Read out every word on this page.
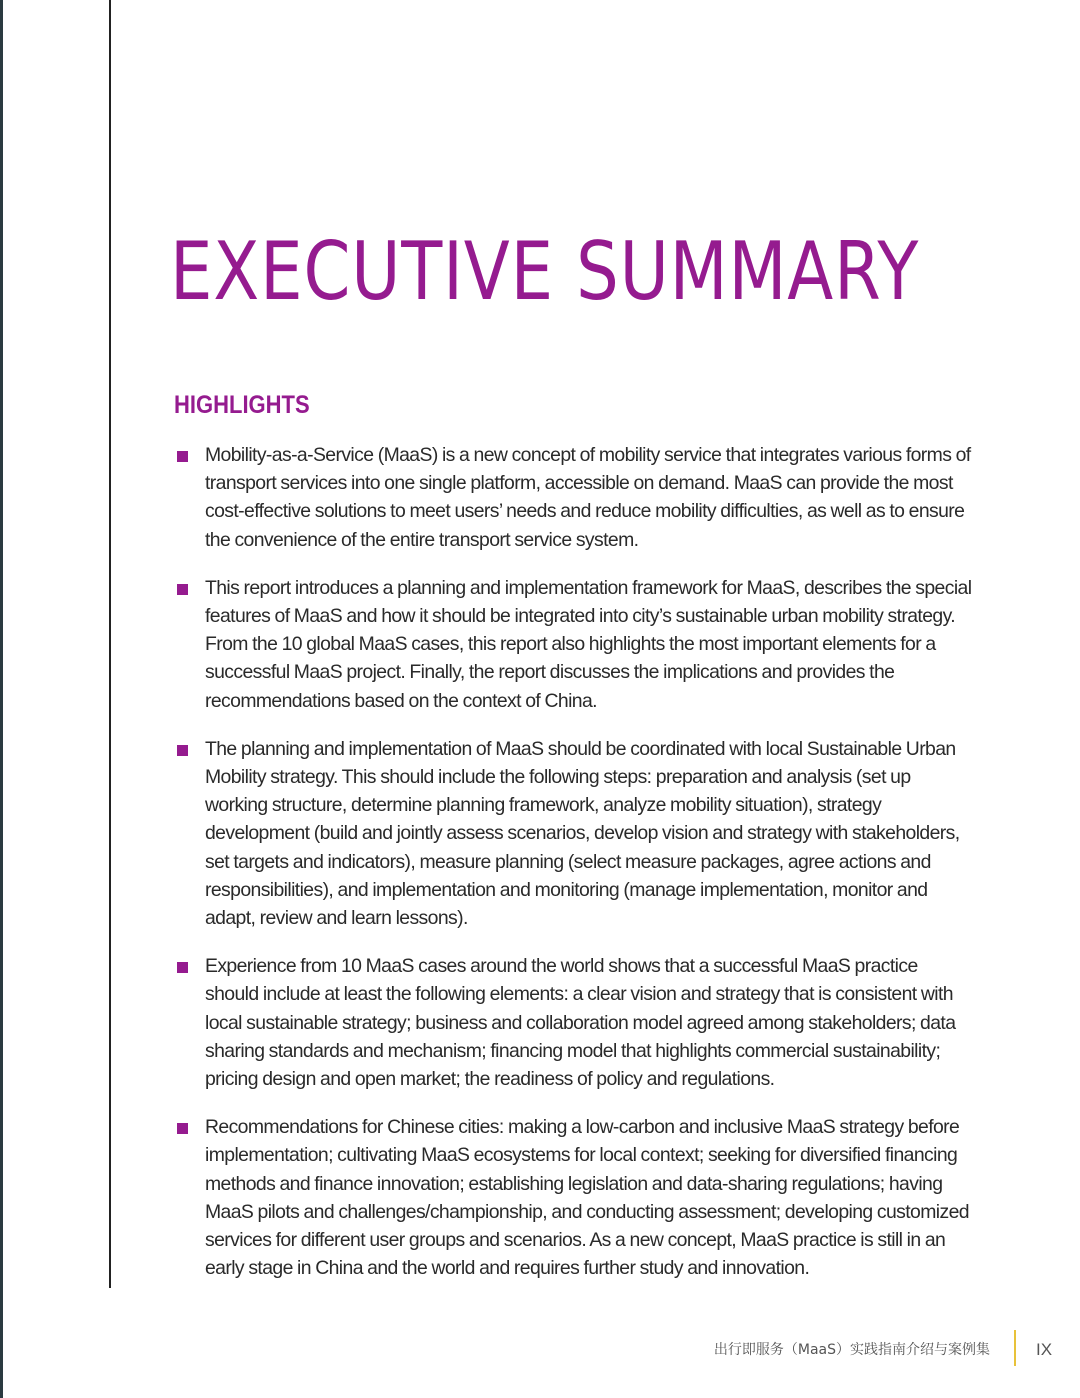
EXECUTIVE SUMMARY
HIGHLIGHTS
Mobility-as-a-Service (MaaS) is a new concept of mobility service that integrates various forms of transport services into one single platform, accessible on demand. MaaS can provide the most cost-effective solutions to meet users’ needs and reduce mobility difficulties, as well as to ensure the convenience of the entire transport service system.
This report introduces a planning and implementation framework for MaaS, describes the special features of MaaS and how it should be integrated into city’s sustainable urban mobility strategy. From the 10 global MaaS cases, this report also highlights the most important elements for a successful MaaS project. Finally, the report discusses the implications and provides the recommendations based on the context of China.
The planning and implementation of MaaS should be coordinated with local Sustainable Urban Mobility strategy. This should include the following steps: preparation and analysis (set up working structure, determine planning framework, analyze mobility situation), strategy development (build and jointly assess scenarios, develop vision and strategy with stakeholders, set targets and indicators), measure planning (select measure packages, agree actions and responsibilities), and implementation and monitoring (manage implementation, monitor and adapt, review and learn lessons).
Experience from 10 MaaS cases around the world shows that a successful MaaS practice should include at least the following elements: a clear vision and strategy that is consistent with local sustainable strategy; business and collaboration model agreed among stakeholders; data sharing standards and mechanism; financing model that highlights commercial sustainability; pricing design and open market; the readiness of policy and regulations.
Recommendations for Chinese cities: making a low-carbon and inclusive MaaS strategy before implementation; cultivating MaaS ecosystems for local context; seeking for diversified financing methods and finance innovation; establishing legislation and data-sharing regulations; having MaaS pilots and challenges/championship, and conducting assessment; developing customized services for different user groups and scenarios. As a new concept, MaaS practice is still in an early stage in China and the world and requires further study and innovation.
出行即服务（MaaS）实践指南介绍与案例集	IX
